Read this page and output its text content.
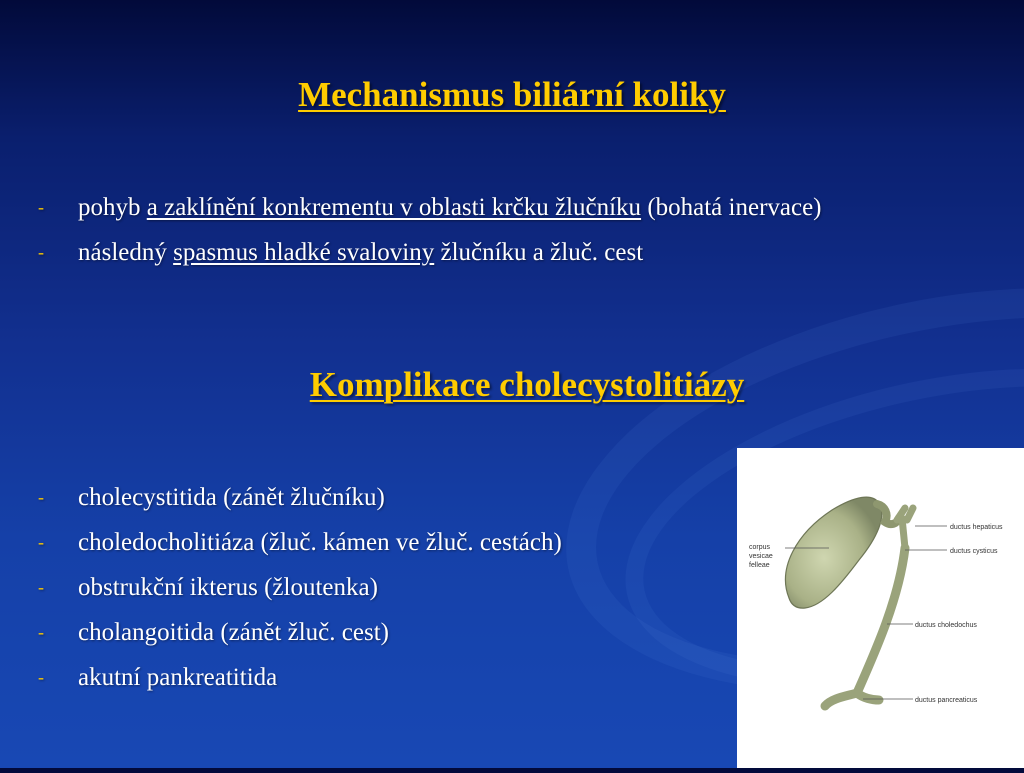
Mechanismus biliární koliky
- pohyb a zaklínění konkrementu v oblasti krčku žlučníku (bohatá inervace)
- následný spasmus hladké svaloviny žlučníku a žluč. cest
Komplikace cholecystolitiázy
- cholecystitida (zánět žlučníku)
- choledocholitiáza (žluč. kámen ve žluč. cestách)
- obstrukční ikterus (žloutenka)
- cholangoitida (zánět žluč. cest)
- akutní pankreatitida
corpus
vesicae
felleae
ductus hepaticus
ductus cysticus
ductus choledochus
ductus pancreaticus
